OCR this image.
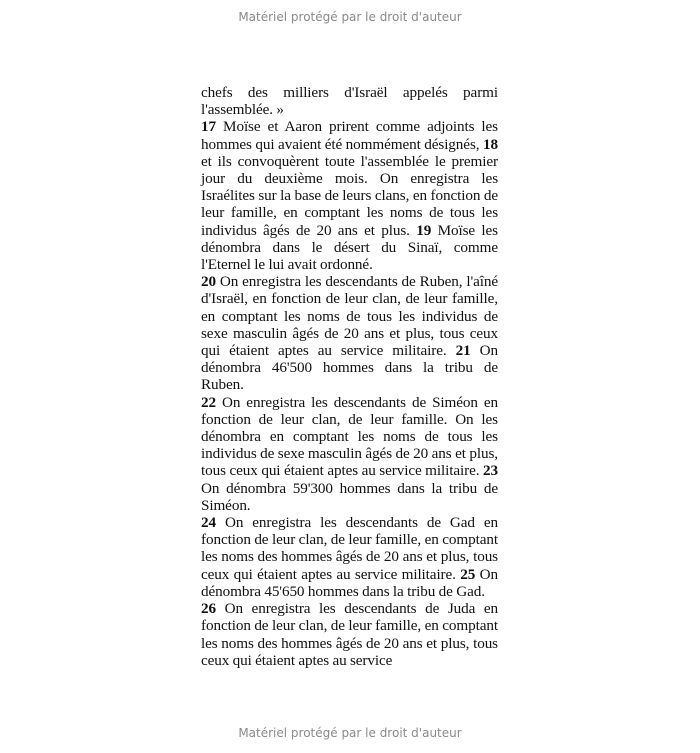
Matériel protégé par le droit d'auteur

chefs des milliers d'Israël appelés parmi l'assemblée. »

17 Moïse et Aaron prirent comme adjoints les hommes qui avaient été nommément désignés, 18 et ils convoquèrent toute l'assemblée le premier jour du deuxième mois. On enregistra les Israélites sur la base de leurs clans, en fonction de leur famille, en comptant les noms de tous les individus âgés de 20 ans et plus. 19 Moïse les dénombra dans le désert du Sinaï, comme l'Eternel le lui avait ordonné.

20 On enregistra les descendants de Ruben, l'aîné d'Israël, en fonction de leur clan, de leur famille, en comptant les noms de tous les individus de sexe masculin âgés de 20 ans et plus, tous ceux qui étaient aptes au service militaire. 21 On dénombra 46'500 hommes dans la tribu de Ruben.

22 On enregistra les descendants de Siméon en fonction de leur clan, de leur famille. On les dénombra en comptant les noms de tous les individus de sexe masculin âgés de 20 ans et plus, tous ceux qui étaient aptes au service militaire. 23 On dénombra 59'300 hommes dans la tribu de Siméon.

24 On enregistra les descendants de Gad en fonction de leur clan, de leur famille, en comptant les noms des hommes âgés de 20 ans et plus, tous ceux qui étaient aptes au service militaire. 25 On dénombra 45'650 hommes dans la tribu de Gad.

26 On enregistra les descendants de Juda en fonction de leur clan, de leur famille, en comptant les noms des hommes âgés de 20 ans et plus, tous ceux qui étaient aptes au service

Matériel protégé par le droit d'auteur
